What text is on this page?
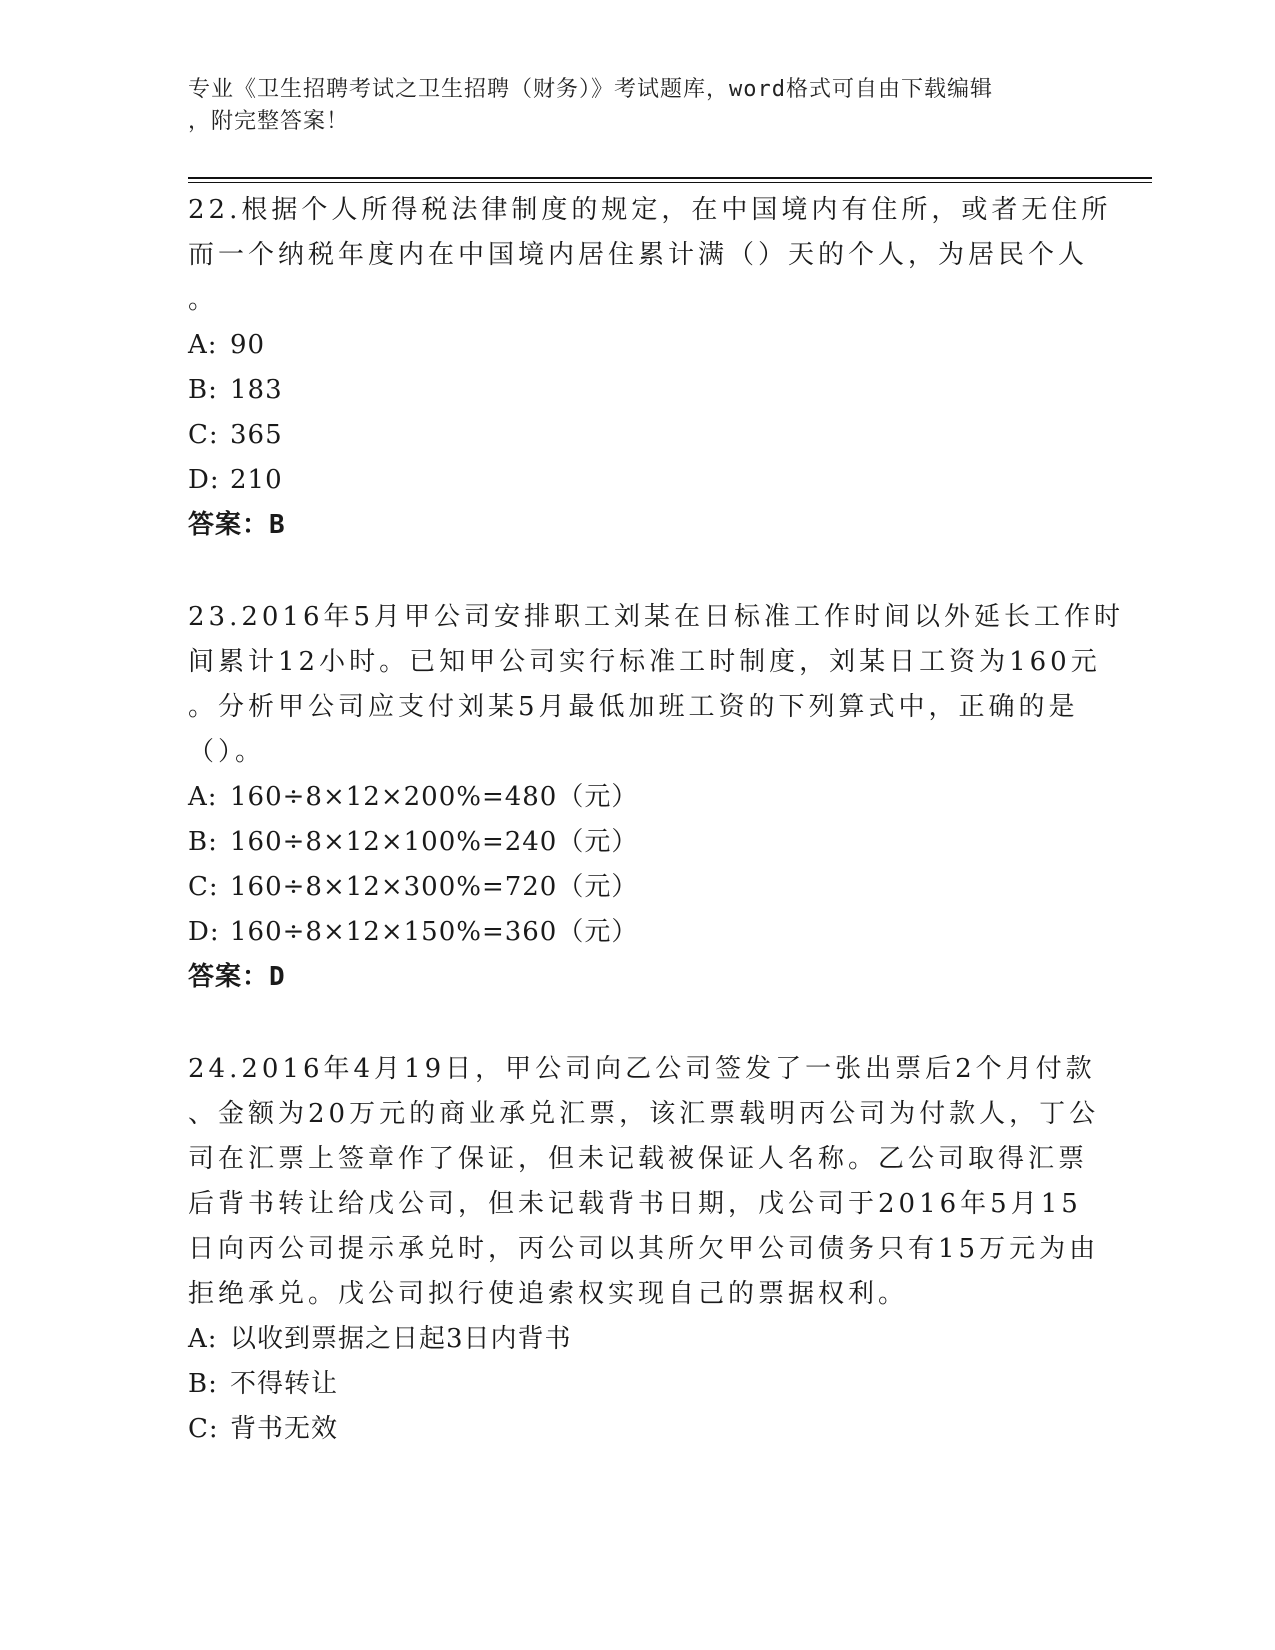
专业《卫生招聘考试之卫生招聘（财务）》考试题库，word格式可自由下载编辑
，附完整答案！
22.根据个人所得税法律制度的规定，在中国境内有住所，或者无住所
而一个纳税年度内在中国境内居住累计满（）天的个人，为居民个人
。
A: 90
B: 183
C: 365
D: 210
答案：B
23.2016年5月甲公司安排职工刘某在日标准工作时间以外延长工作时
间累计12小时。已知甲公司实行标准工时制度，刘某日工资为160元
。分析甲公司应支付刘某5月最低加班工资的下列算式中，正确的是
（）。
A: 160÷8×12×200%=480（元）
B: 160÷8×12×100%=240（元）
C: 160÷8×12×300%=720（元）
D: 160÷8×12×150%=360（元）
答案：D
24.2016年4月19日，甲公司向乙公司签发了一张出票后2个月付款
、金额为20万元的商业承兑汇票，该汇票载明丙公司为付款人，丁公
司在汇票上签章作了保证，但未记载被保证人名称。乙公司取得汇票
后背书转让给戊公司，但未记载背书日期，戊公司于2016年5月15
日向丙公司提示承兑时，丙公司以其所欠甲公司债务只有15万元为由
拒绝承兑。戊公司拟行使追索权实现自己的票据权利。
A: 以收到票据之日起3日内背书
B: 不得转让
C: 背书无效
